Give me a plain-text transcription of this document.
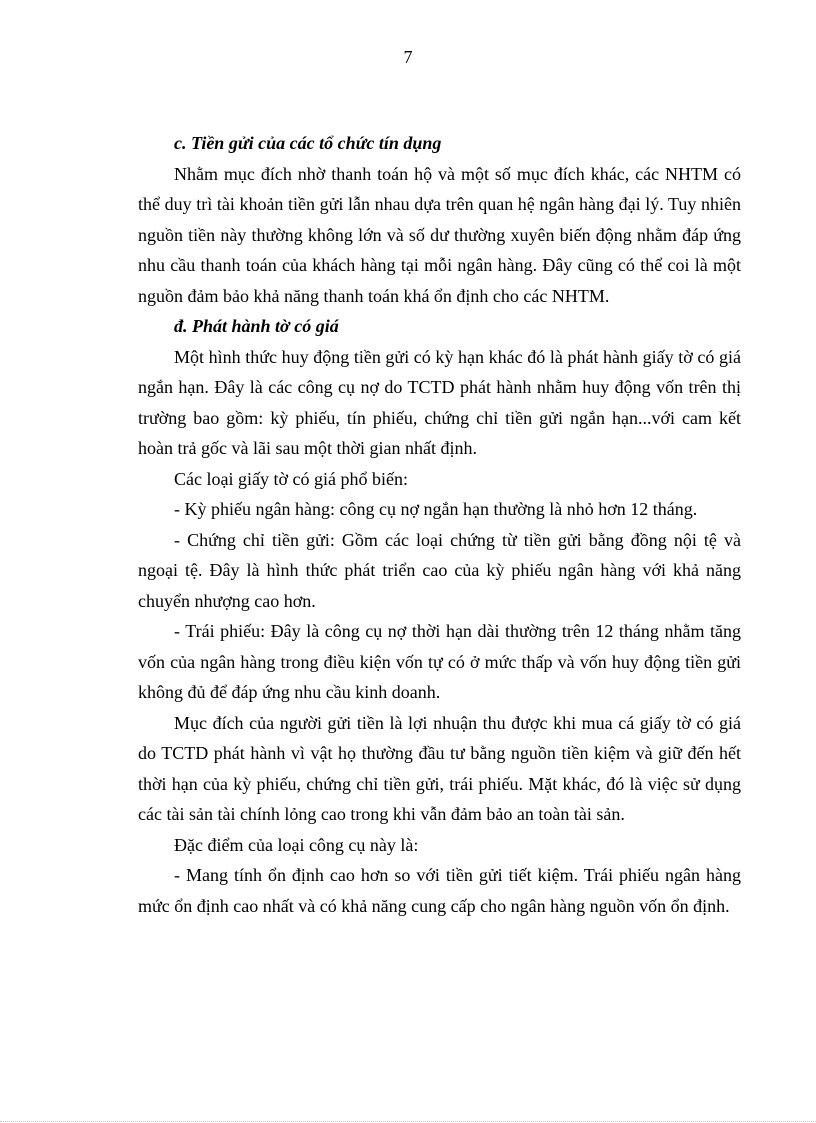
7

c. Tiền gửi của các tổ chức tín dụng

Nhằm mục đích nhờ thanh toán hộ và một số mục đích khác, các NHTM có thể duy trì tài khoản tiền gửi lẫn nhau dựa trên quan hệ ngân hàng đại lý. Tuy nhiên nguồn tiền này thường không lớn và số dư thường xuyên biến động nhằm đáp ứng nhu cầu thanh toán của khách hàng tại mỗi ngân hàng. Đây cũng có thể coi là một nguồn đảm bảo khả năng thanh toán khá ổn định cho các NHTM.

đ. Phát hành tờ có giá

Một hình thức huy động tiền gửi có kỳ hạn khác đó là phát hành giấy tờ có giá ngắn hạn. Đây là các công cụ nợ do TCTD phát hành nhằm huy động vốn trên thị trường bao gồm: kỳ phiếu, tín phiếu, chứng chỉ tiền gửi ngắn hạn...với cam kết hoàn trả gốc và lãi sau một thời gian nhất định.

Các loại giấy tờ có giá phổ biến:

- Kỳ phiếu ngân hàng: công cụ nợ ngắn hạn thường là nhỏ hơn 12 tháng.

- Chứng chỉ tiền gửi: Gồm các loại chứng từ tiền gửi bằng đồng nội tệ và ngoại tệ. Đây là hình thức phát triển cao của kỳ phiếu ngân hàng với khả năng chuyển nhượng cao hơn.

- Trái phiếu: Đây là công cụ nợ thời hạn dài thường trên 12 tháng nhằm tăng vốn của ngân hàng trong điều kiện vốn tự có ở mức thấp và vốn huy động tiền gửi không đủ để đáp ứng nhu cầu kinh doanh.

Mục đích của người gửi tiền là lợi nhuận thu được khi mua cá giấy tờ có giá do TCTD phát hành vì vật họ thường đầu tư bằng nguồn tiền kiệm và giữ đến hết thời hạn của kỳ phiếu, chứng chỉ tiền gửi, trái phiếu. Mặt khác, đó là việc sử dụng các tài sản tài chính lỏng cao trong khi vẫn đảm bảo an toàn tài sản.

Đặc điểm của loại công cụ này là:

- Mang tính ổn định cao hơn so với tiền gửi tiết kiệm. Trái phiếu ngân hàng mức ổn định cao nhất và có khả năng cung cấp cho ngân hàng nguồn vốn ổn định.
